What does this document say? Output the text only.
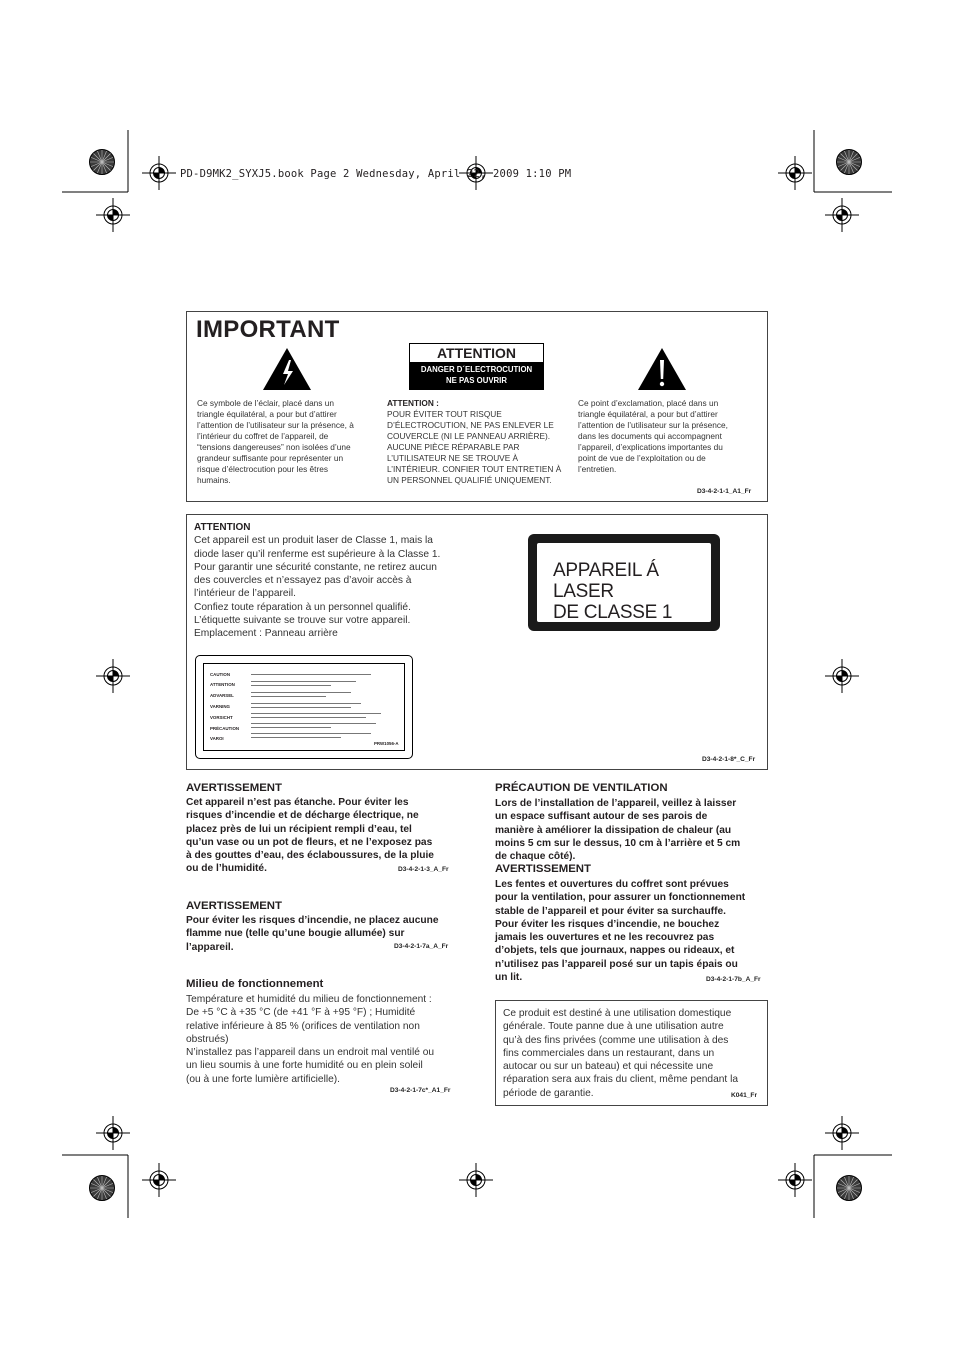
PD-D9MK2_SYXJ5.book Page 2 Wednesday, April 22, 2009 1:10 PM
IMPORTANT
ATTENTION
DANGER D´ELECTROCUTION
NE PAS OUVRIR
Ce symbole de l’éclair, placé dans un
triangle équilatéral, a pour but d’attirer
l’attention de l’utilisateur sur la présence, à
l’intérieur du coffret de l’appareil, de
“tensions dangereuses” non isolées d’une
grandeur suffisante pour représenter un
risque d’électrocution pour les êtres
humains.
ATTENTION :
POUR ÉVITER TOUT RISQUE
D’ÉLECTROCUTION, NE PAS ENLEVER LE
COUVERCLE (NI LE PANNEAU ARRIÈRE).
AUCUNE PIÈCE RÉPARABLE PAR
L’UTILISATEUR NE SE TROUVE À
L’INTÉRIEUR. CONFIER TOUT ENTRETIEN À
UN PERSONNEL QUALIFIÉ UNIQUEMENT.
Ce point d’exclamation, placé dans un
triangle équilatéral, a pour but d’attirer
l’attention de l’utilisateur sur la présence,
dans les documents qui accompagnent
l’appareil, d’explications importantes du
point de vue de l’exploitation ou de
l’entretien.
D3-4-2-1-1_A1_Fr
ATTENTION
Cet appareil est un produit laser de Classe 1, mais la
diode laser qu’il renferme est supérieure à la Classe 1.
Pour garantir une sécurité constante, ne retirez aucun
des couvercles et n’essayez pas d’avoir accès à
l’intérieur de l’appareil.
Confiez toute réparation à un personnel qualifié.
L’étiquette suivante se trouve sur votre appareil.
Emplacement : Panneau arrière
APPAREIL Á LASER
DE CLASSE 1
CAUTION
ATTENTION
ADVARSEL
VARNING
VORSICHT
PRÉCAUTION
VAROI
PRW1056-A
D3-4-2-1-8*_C_Fr
AVERTISSEMENT
Cet appareil n’est pas étanche. Pour éviter les
risques d’incendie et de décharge électrique, ne
placez près de lui un récipient rempli d’eau, tel
qu’un vase ou un pot de fleurs, et ne l’exposez pas
à des gouttes d’eau, des éclaboussures, de la pluie
ou de l’humidité.	D3-4-2-1-3_A_Fr
AVERTISSEMENT
Pour éviter les risques d’incendie, ne placez aucune
flamme nue (telle qu’une bougie allumée) sur
l’appareil.	D3-4-2-1-7a_A_Fr
Milieu de fonctionnement
Température et humidité du milieu de fonctionnement :
De +5 °C à +35 °C (de +41 °F à +95 °F) ; Humidité
relative inférieure à 85 % (orifices de ventilation non
obstrués)
N’installez pas l’appareil dans un endroit mal ventilé ou
un lieu soumis à une forte humidité ou en plein soleil
(ou à une forte lumière artificielle).
D3-4-2-1-7c*_A1_Fr
PRÉCAUTION DE VENTILATION
Lors de l’installation de l’appareil, veillez à laisser
un espace suffisant autour de ses parois de
manière à améliorer la dissipation de chaleur (au
moins 5 cm sur le dessus, 10 cm à l’arrière et 5 cm
de chaque côté).
AVERTISSEMENT
Les fentes et ouvertures du coffret sont prévues
pour la ventilation, pour assurer un fonctionnement
stable de l’appareil et pour éviter sa surchauffe.
Pour éviter les risques d’incendie, ne bouchez
jamais les ouvertures et ne les recouvrez pas
d’objets, tels que journaux, nappes ou rideaux, et
n’utilisez pas l’appareil posé sur un tapis épais ou
un lit.	D3-4-2-1-7b_A_Fr
Ce produit est destiné à une utilisation domestique
générale. Toute panne due à une utilisation autre
qu’à des fins privées (comme une utilisation à des
fins commerciales dans un restaurant, dans un
autocar ou sur un bateau) et qui nécessite une
réparation sera aux frais du client, même pendant la
période de garantie.	K041_Fr
